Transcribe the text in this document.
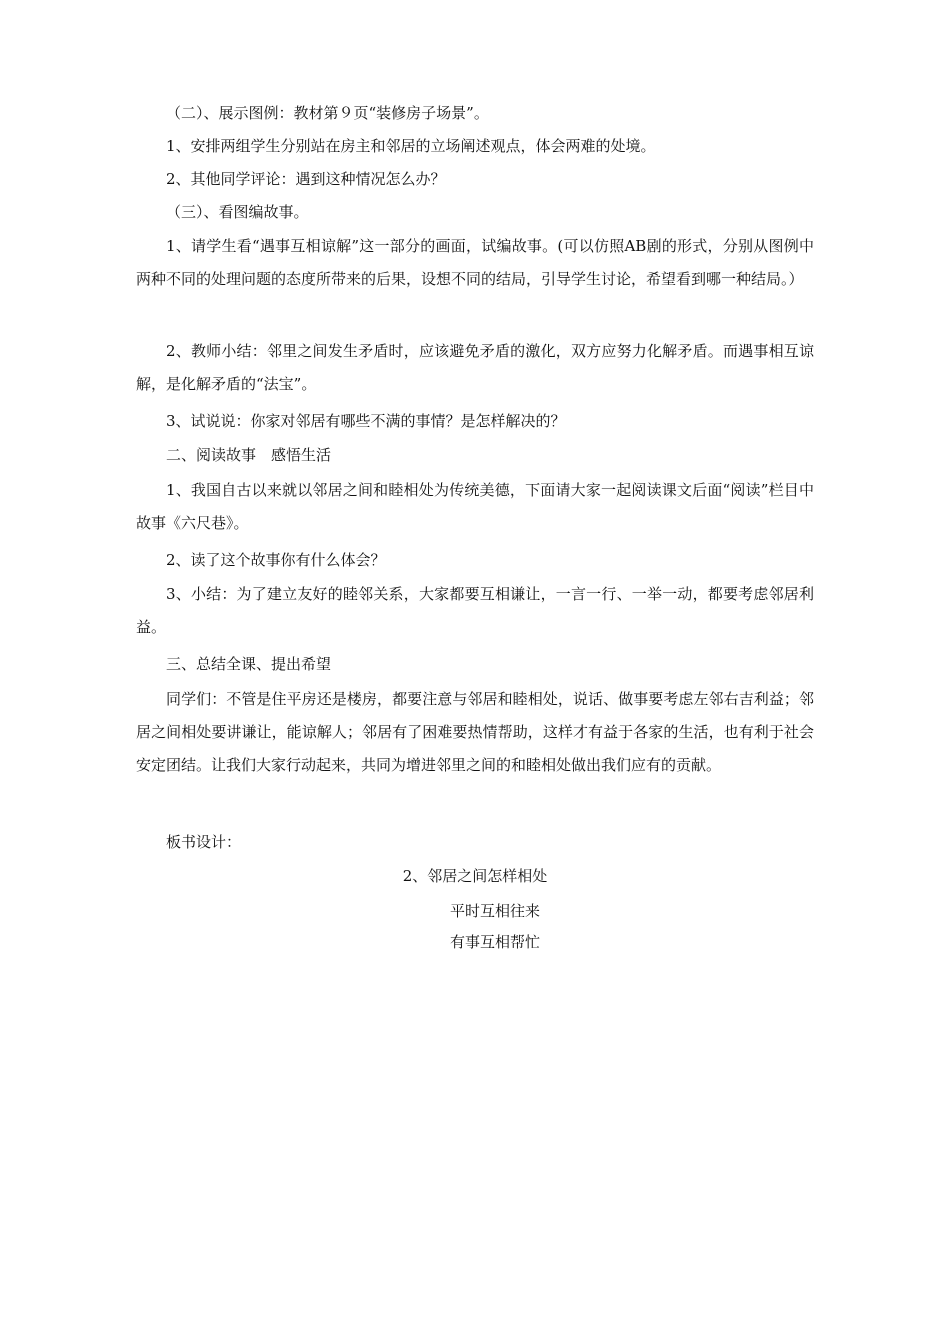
（二）、展示图例：教材第９页“装修房子场景”。

1、安排两组学生分别站在房主和邻居的立场阐述观点，体会两难的处境。

2、其他同学评论：遇到这种情况怎么办？

（三）、看图编故事。

1、请学生看“遇事互相谅解”这一部分的画面，试编故事。(可以仿照AB剧的形式，分别从图例中两种不同的处理问题的态度所带来的后果，设想不同的结局，引导学生讨论，希望看到哪一种结局。）

2、教师小结：邻里之间发生矛盾时，应该避免矛盾的激化，双方应努力化解矛盾。而遇事相互谅解，是化解矛盾的“法宝”。

3、试说说：你家对邻居有哪些不满的事情？是怎样解决的？

二、阅读故事　感悟生活

1、我国自古以来就以邻居之间和睦相处为传统美德，下面请大家一起阅读课文后面“阅读”栏目中故事《六尺巷》。

2、读了这个故事你有什么体会？

3、小结：为了建立友好的睦邻关系，大家都要互相谦让，一言一行、一举一动，都要考虑邻居利益。

三、总结全课、提出希望

同学们：不管是住平房还是楼房，都要注意与邻居和睦相处，说话、做事要考虑左邻右吉利益；邻居之间相处要讲谦让，能谅解人；邻居有了困难要热情帮助，这样才有益于各家的生活，也有利于社会安定团结。让我们大家行动起来，共同为增进邻里之间的和睦相处做出我们应有的贡献。

板书设计：

2、邻居之间怎样相处
平时互相往来
有事互相帮忙
